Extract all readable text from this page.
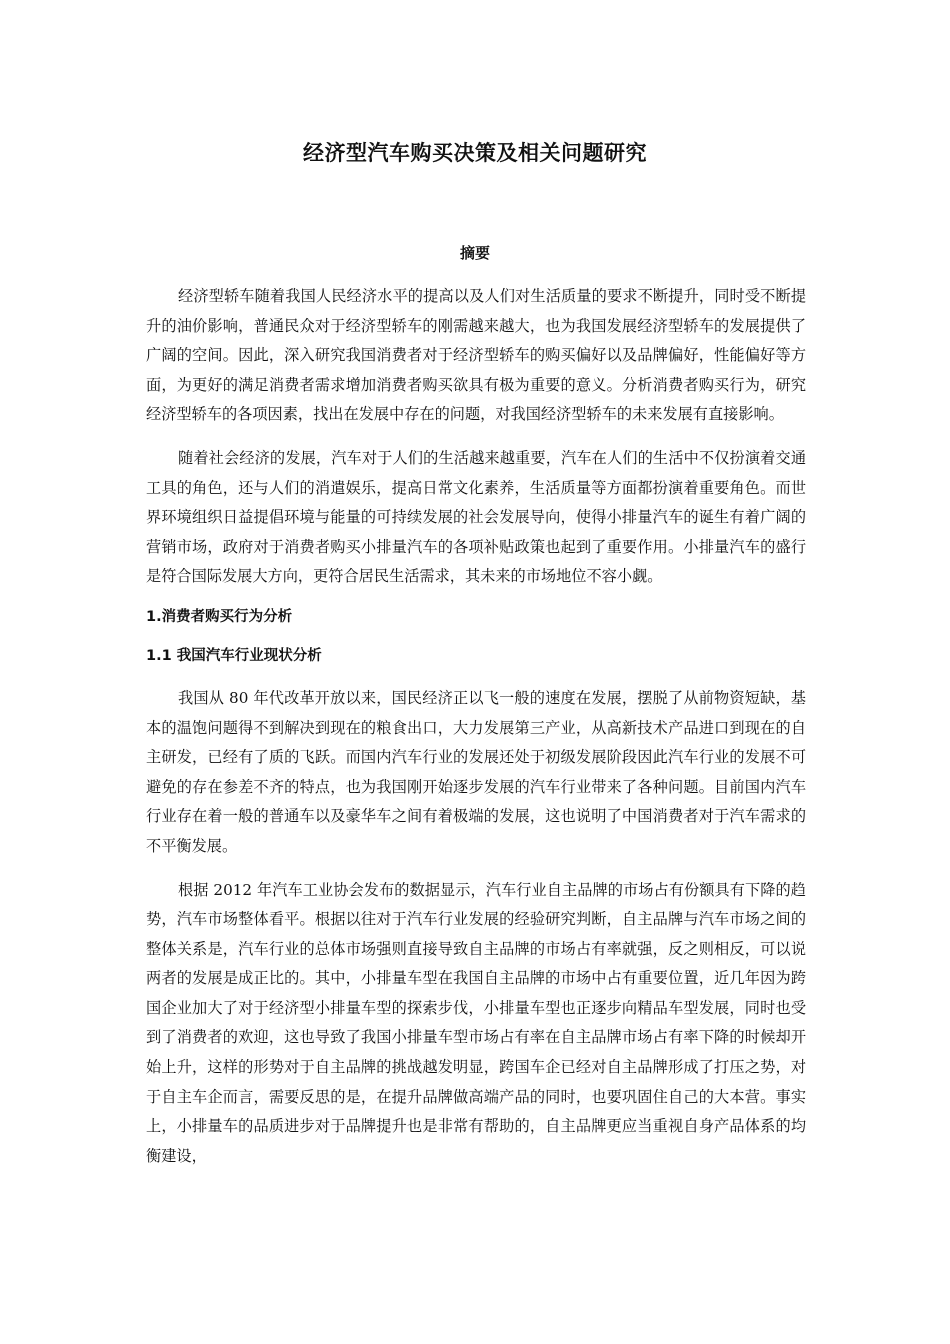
经济型汽车购买决策及相关问题研究
摘要

经济型轿车随着我国人民经济水平的提高以及人们对生活质量的要求不断提升，同时受不断提升的油价影响，普通民众对于经济型轿车的刚需越来越大，也为我国发展经济型轿车的发展提供了广阔的空间。因此，深入研究我国消费者对于经济型轿车的购买偏好以及品牌偏好，性能偏好等方面，为更好的满足消费者需求增加消费者购买欲具有极为重要的意义。分析消费者购买行为，研究经济型轿车的各项因素，找出在发展中存在的问题，对我国经济型轿车的未来发展有直接影响。

随着社会经济的发展，汽车对于人们的生活越来越重要，汽车在人们的生活中不仅扮演着交通工具的角色，还与人们的消遣娱乐，提高日常文化素养，生活质量等方面都扮演着重要角色。而世界环境组织日益提倡环境与能量的可持续发展的社会发展导向，使得小排量汽车的诞生有着广阔的营销市场，政府对于消费者购买小排量汽车的各项补贴政策也起到了重要作用。小排量汽车的盛行是符合国际发展大方向，更符合居民生活需求，其未来的市场地位不容小觑。

1.消费者购买行为分析
1.1 我国汽车行业现状分析

我国从 80 年代改革开放以来，国民经济正以飞一般的速度在发展，摆脱了从前物资短缺，基本的温饱问题得不到解决到现在的粮食出口，大力发展第三产业，从高新技术产品进口到现在的自主研发，已经有了质的飞跃。而国内汽车行业的发展还处于初级发展阶段因此汽车行业的发展不可避免的存在参差不齐的特点，也为我国刚开始逐步发展的汽车行业带来了各种问题。目前国内汽车行业存在着一般的普通车以及豪华车之间有着极端的发展，这也说明了中国消费者对于汽车需求的不平衡发展。

根据 2012 年汽车工业协会发布的数据显示，汽车行业自主品牌的市场占有份额具有下降的趋势，汽车市场整体看平。根据以往对于汽车行业发展的经验研究判断，自主品牌与汽车市场之间的整体关系是，汽车行业的总体市场强则直接导致自主品牌的市场占有率就强，反之则相反，可以说两者的发展是成正比的。其中，小排量车型在我国自主品牌的市场中占有重要位置，近几年因为跨国企业加大了对于经济型小排量车型的探索步伐，小排量车型也正逐步向精品车型发展，同时也受到了消费者的欢迎，这也导致了我国小排量车型市场占有率在自主品牌市场占有率下降的时候却开始上升，这样的形势对于自主品牌的挑战越发明显，跨国车企已经对自主品牌形成了打压之势，对于自主车企而言，需要反思的是，在提升品牌做高端产品的同时，也要巩固住自己的大本营。事实上，小排量车的品质进步对于品牌提升也是非常有帮助的，自主品牌更应当重视自身产品体系的均衡建设，
